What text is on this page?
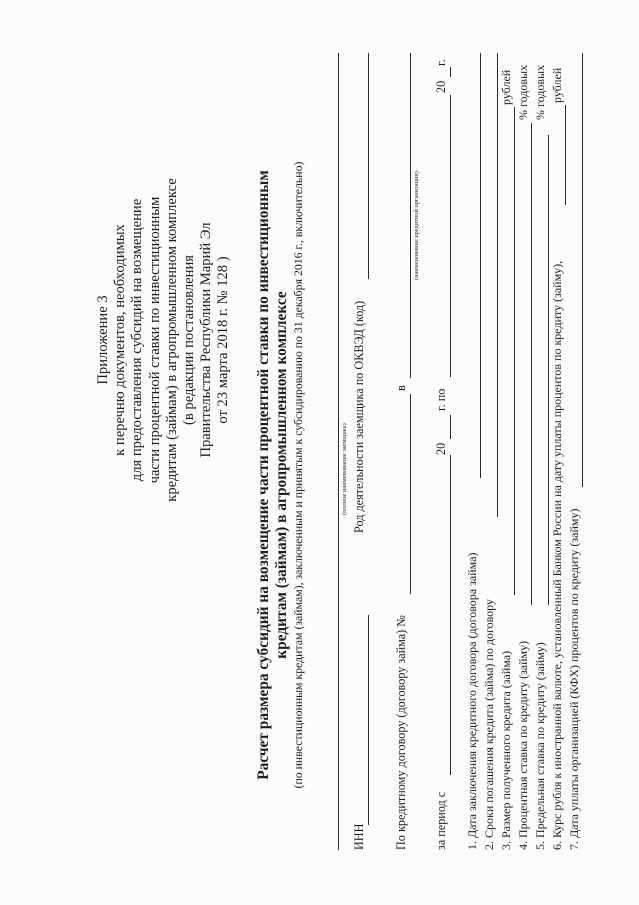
Приложение 3 к перечню документов, необходимых для предоставления субсидий на возмещение части процентной ставки по инвестиционным кредитам (займам) в агропромышленном комплексе (в редакции постановления Правительства Республики Марий Эл от 23 марта 2018 г. № 128 ) Расчет размера субсидий на возмещение части процентной ставки по инвестиционным кредитам (займам) в агропромышленном комплексе (по инвестиционным кредитам (займам), заключенным и принятым к субсидированию по 31 декабря 2016 г., включительно)	(полное наименование заемщика)
ИНН
Род деятельности заемщика по ОКВЭД (код)
По кредитному договору (договору займа) №
в
(наименование кредитной организации)
за период с
20
г. по
20
г.
1. Дата заключения кредитного договора (договора займа) 2. Сроки погашения кредита (займа) по договору 3. Размер полученного кредита (займа)
рублей
4. Процентная ставка по кредиту (займу)
% годовых
5. Предельная ставка по кредиту (займу)
% годовых
6. Курс рубля к иностранной валюте, установленный Банком России на дату уплаты процентов по кредиту (займу),
рублей
7. Дата уплаты организацией (КФХ) процентов по кредиту (займу)
